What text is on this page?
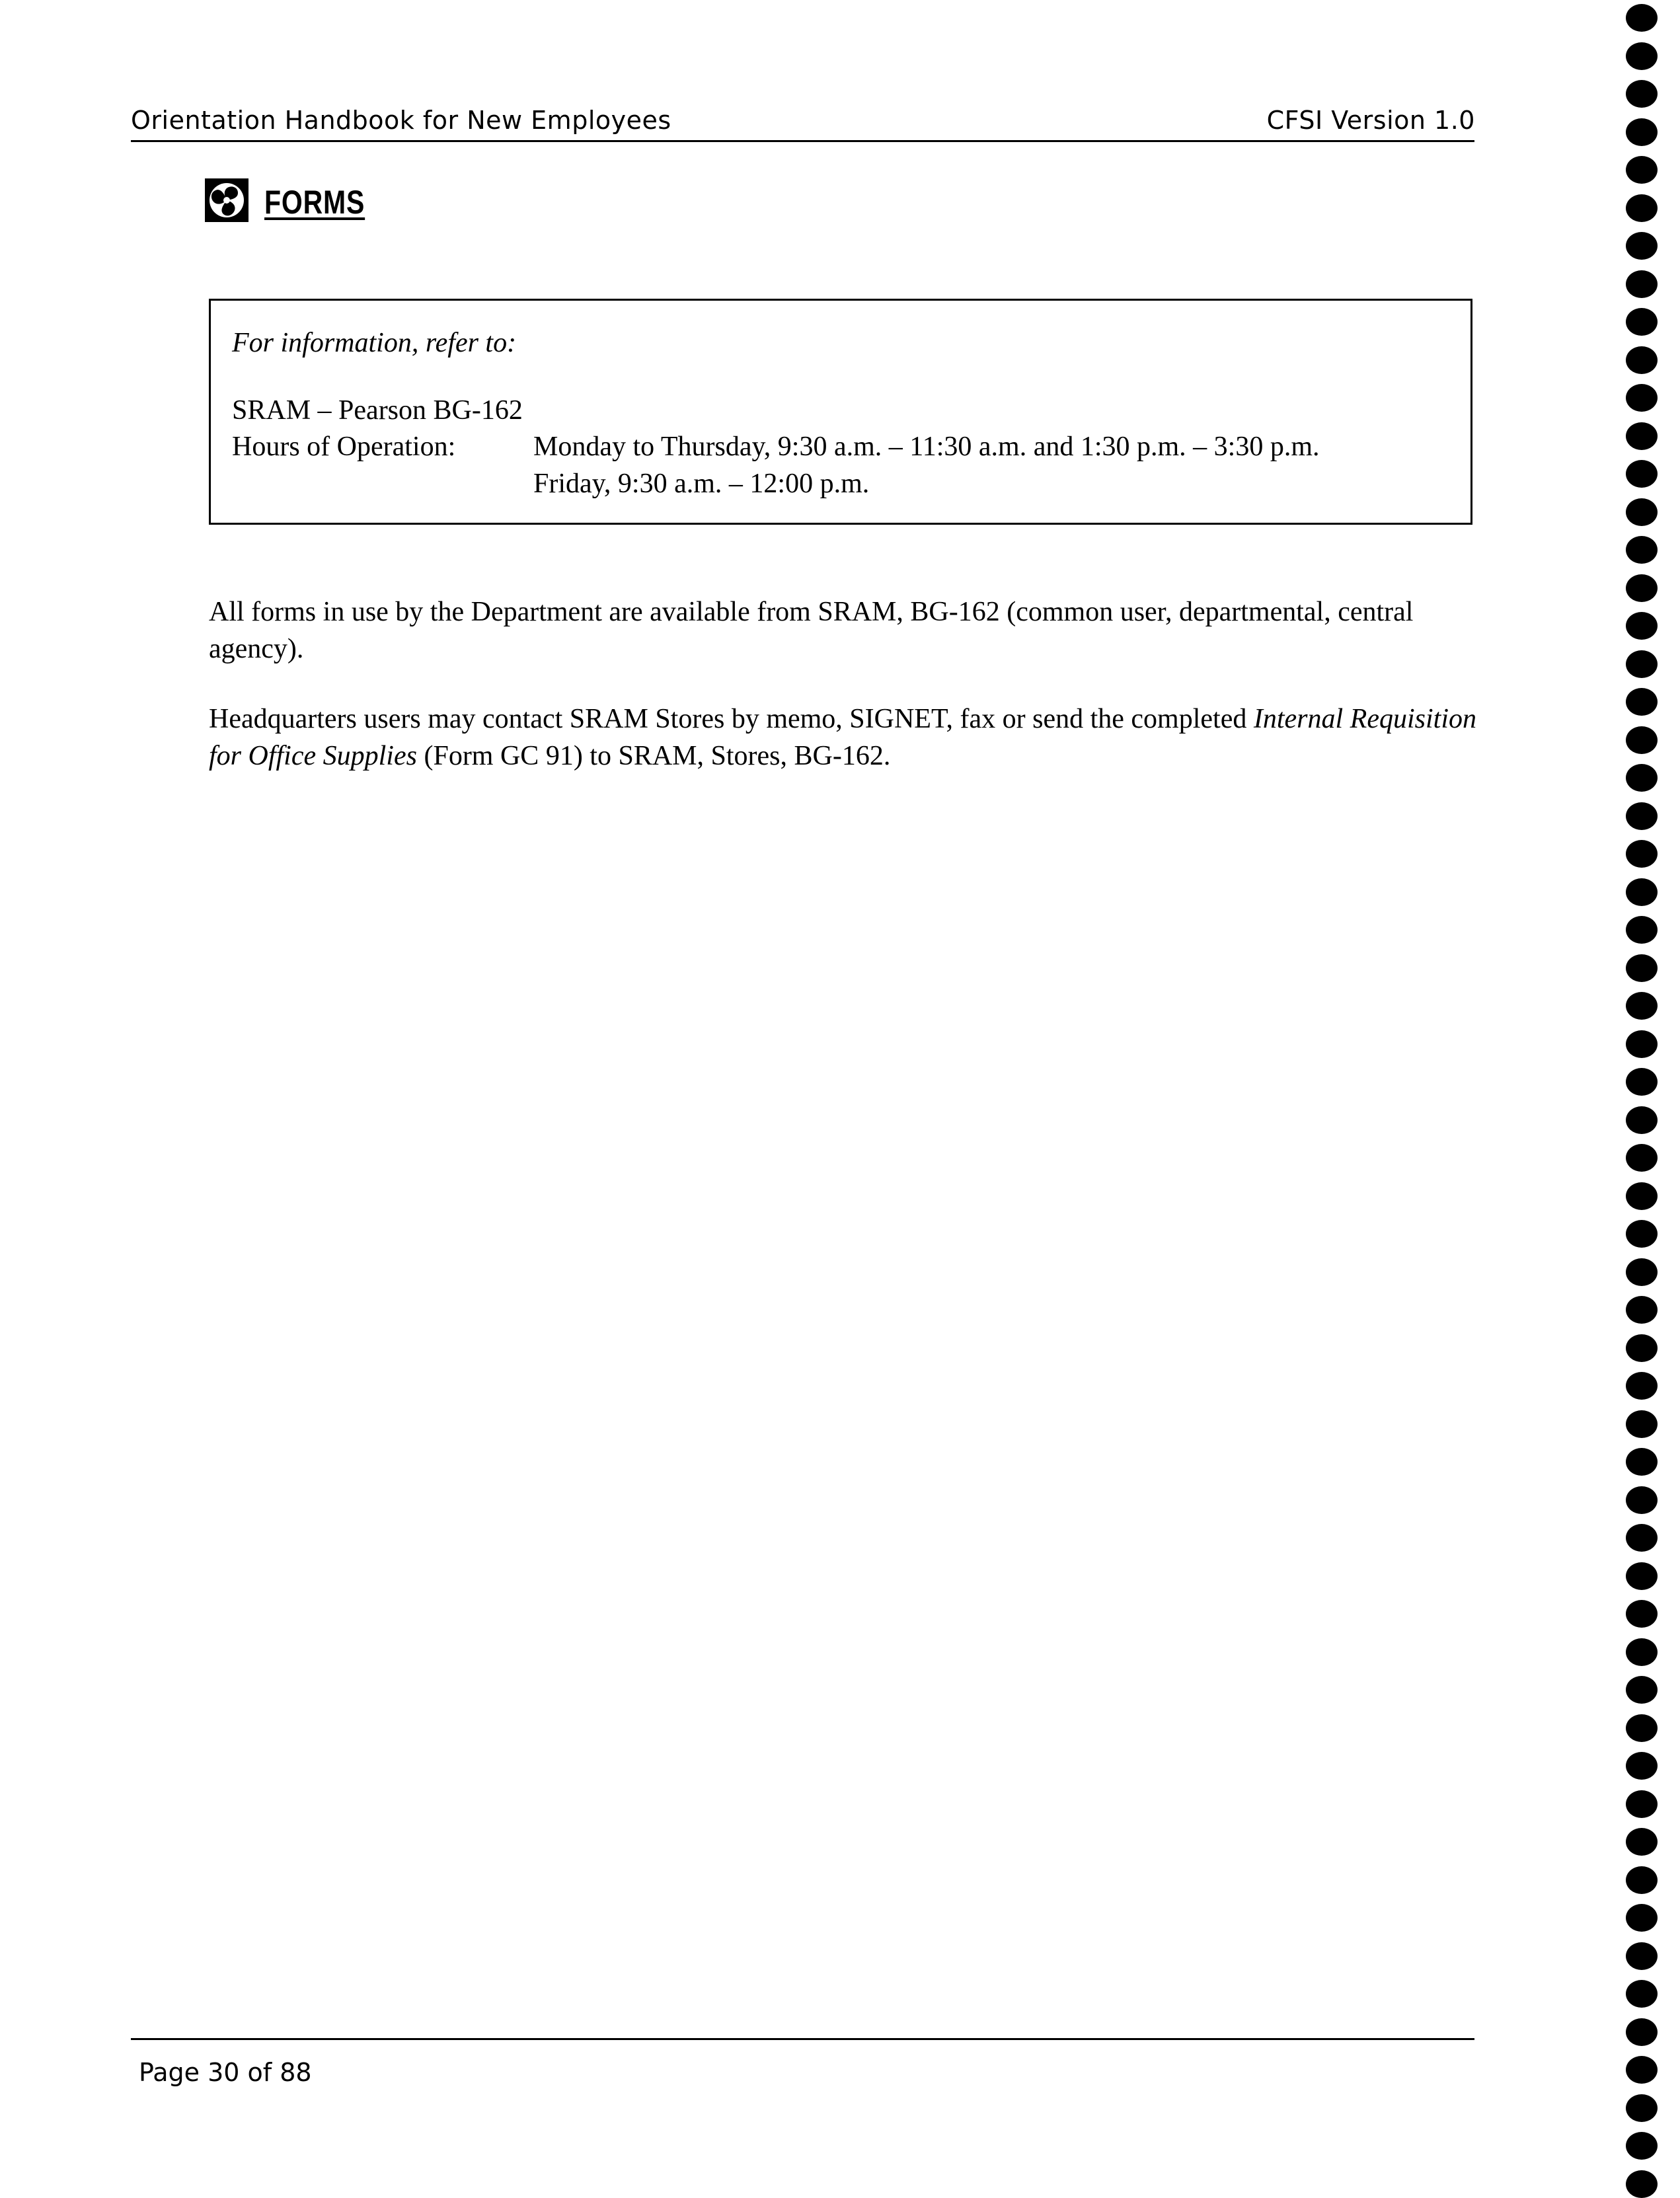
Orientation Handbook for New Employees	CFSI Version 1.0
FORMS
For information, refer to:
SRAM – Pearson BG-162
Hours of Operation:	Monday to Thursday, 9:30 a.m. – 11:30 a.m. and 1:30 p.m. – 3:30 p.m.
Friday, 9:30 a.m. – 12:00 p.m.

All forms in use by the Department are available from SRAM, BG-162 (common user, departmental, central agency).

Headquarters users may contact SRAM Stores by memo, SIGNET, fax or send the completed Internal Requisition for Office Supplies (Form GC 91) to SRAM, Stores, BG-162.

Page 30 of 88
